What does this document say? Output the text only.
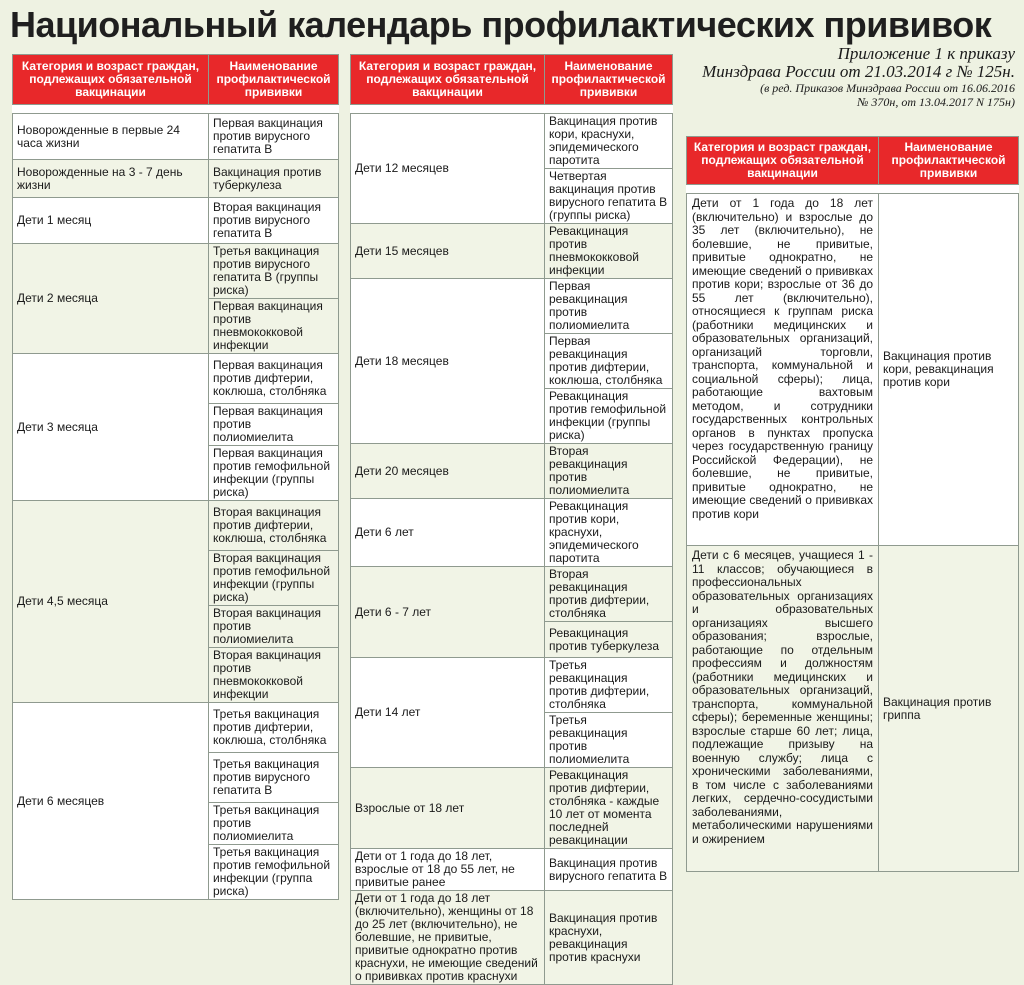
Национальный календарь профилактических прививок
Категория и возраст граждан, подлежащих обязательной вакцинации	Наименование профилактической прививки

Новорожденные в первые 24 часа жизни	Первая вакцинация против вирусного гепатита В
Новорожденные на 3 - 7 день жизни	Вакцинация против туберкулеза
Дети 1 месяц	Вторая вакцинация против вирусного гепатита В
Дети 2 месяца	Третья вакцинация против вирусного гепатита В (группы риска)
	Первая вакцинация против пневмококковой инфекции
Дети 3 месяца	Первая вакцинация против дифтерии, коклюша, столбняка
	Первая вакцинация против полиомиелита
	Первая вакцинация против гемофильной инфекции (группы риска)
Дети 4,5 месяца	Вторая вакцинация против дифтерии, коклюша, столбняка
	Вторая вакцинация против гемофильной инфекции (группы риска)
	Вторая вакцинация против полиомиелита
	Вторая вакцинация против пневмококковой инфекции
Дети 6 месяцев	Третья вакцинация против дифтерии, коклюша, столбняка
	Третья вакцинация против вирусного гепатита В
	Третья вакцинация против полиомиелита
	Третья вакцинация против гемофильной инфекции (группа риска)
Категория и возраст граждан, подлежащих обязательной вакцинации	Наименование профилактической прививки

Дети 12 месяцев	Вакцинация против кори, краснухи, эпидемического паротита
	Четвертая вакцинация против вирусного гепатита В (группы риска)
Дети 15 месяцев	Ревакцинация против пневмококковой инфекции
Дети 18 месяцев	Первая ревакцинация против полиомиелита
	Первая ревакцинация против дифтерии, коклюша, столбняка
	Ревакцинация против гемофильной инфекции (группы риска)
Дети 20 месяцев	Вторая ревакцинация против полиомиелита
Дети 6 лет	Ревакцинация против кори, краснухи, эпидемического паротита
Дети 6 - 7 лет	Вторая ревакцинация против дифтерии, столбняка
	Ревакцинация против туберкулеза
Дети 14 лет	Третья ревакцинация против дифтерии, столбняка
	Третья ревакцинация против полиомиелита
Взрослые от 18 лет	Ревакцинация против дифтерии, столбняка - каждые 10 лет от момента последней ревакцинации
Дети от 1 года до 18 лет, взрослые от 18 до 55 лет, не привитые ранее	Вакцинация против вирусного гепатита В
Дети от 1 года до 18 лет (включительно), женщины от 18 до 25 лет (включительно), не болевшие, не привитые, привитые однократно против краснухи, не имеющие сведений о прививках против краснухи	Вакцинация против краснухи, ревакцинация против краснухи
Приложение 1 к приказу
Минздрава России от 21.03.2014 г № 125н.
(в ред. Приказов Минздрава России от 16.06.2016
№ 370н, от 13.04.2017 N 175н)
Категория и возраст граждан, подлежащих обязательной вакцинации	Наименование профилактической прививки

Дети от 1 года до 18 лет (включительно) и взрослые до 35 лет (включительно), не болевшие, не привитые, привитые однократно, не имеющие сведений о прививках против кори; взрослые от 36 до 55 лет (включительно), относящиеся к группам риска (работники медицинских и образовательных организаций, организаций торговли, транспорта, коммунальной и социальной сферы); лица, работающие вахтовым методом, и сотрудники государственных контрольных органов в пунктах пропуска через государственную границу Российской Федерации), не болевшие, не привитые, привитые однократно, не имеющие сведений о прививках против кори	Вакцинация против кори, ревакцинация против кори
Дети с 6 месяцев, учащиеся 1 - 11 классов; обучающиеся в профессиональных образовательных организациях и образовательных организациях высшего образования; взрослые, работающие по отдельным профессиям и должностям (работники медицинских и образовательных организаций, транспорта, коммунальной сферы); беременные женщины; взрослые старше 60 лет; лица, подлежащие призыву на военную службу; лица с хроническими заболеваниями, в том числе с заболеваниями легких, сердечно-сосудистыми заболеваниями, метаболическими нарушениями и ожирением	Вакцинация против гриппа
